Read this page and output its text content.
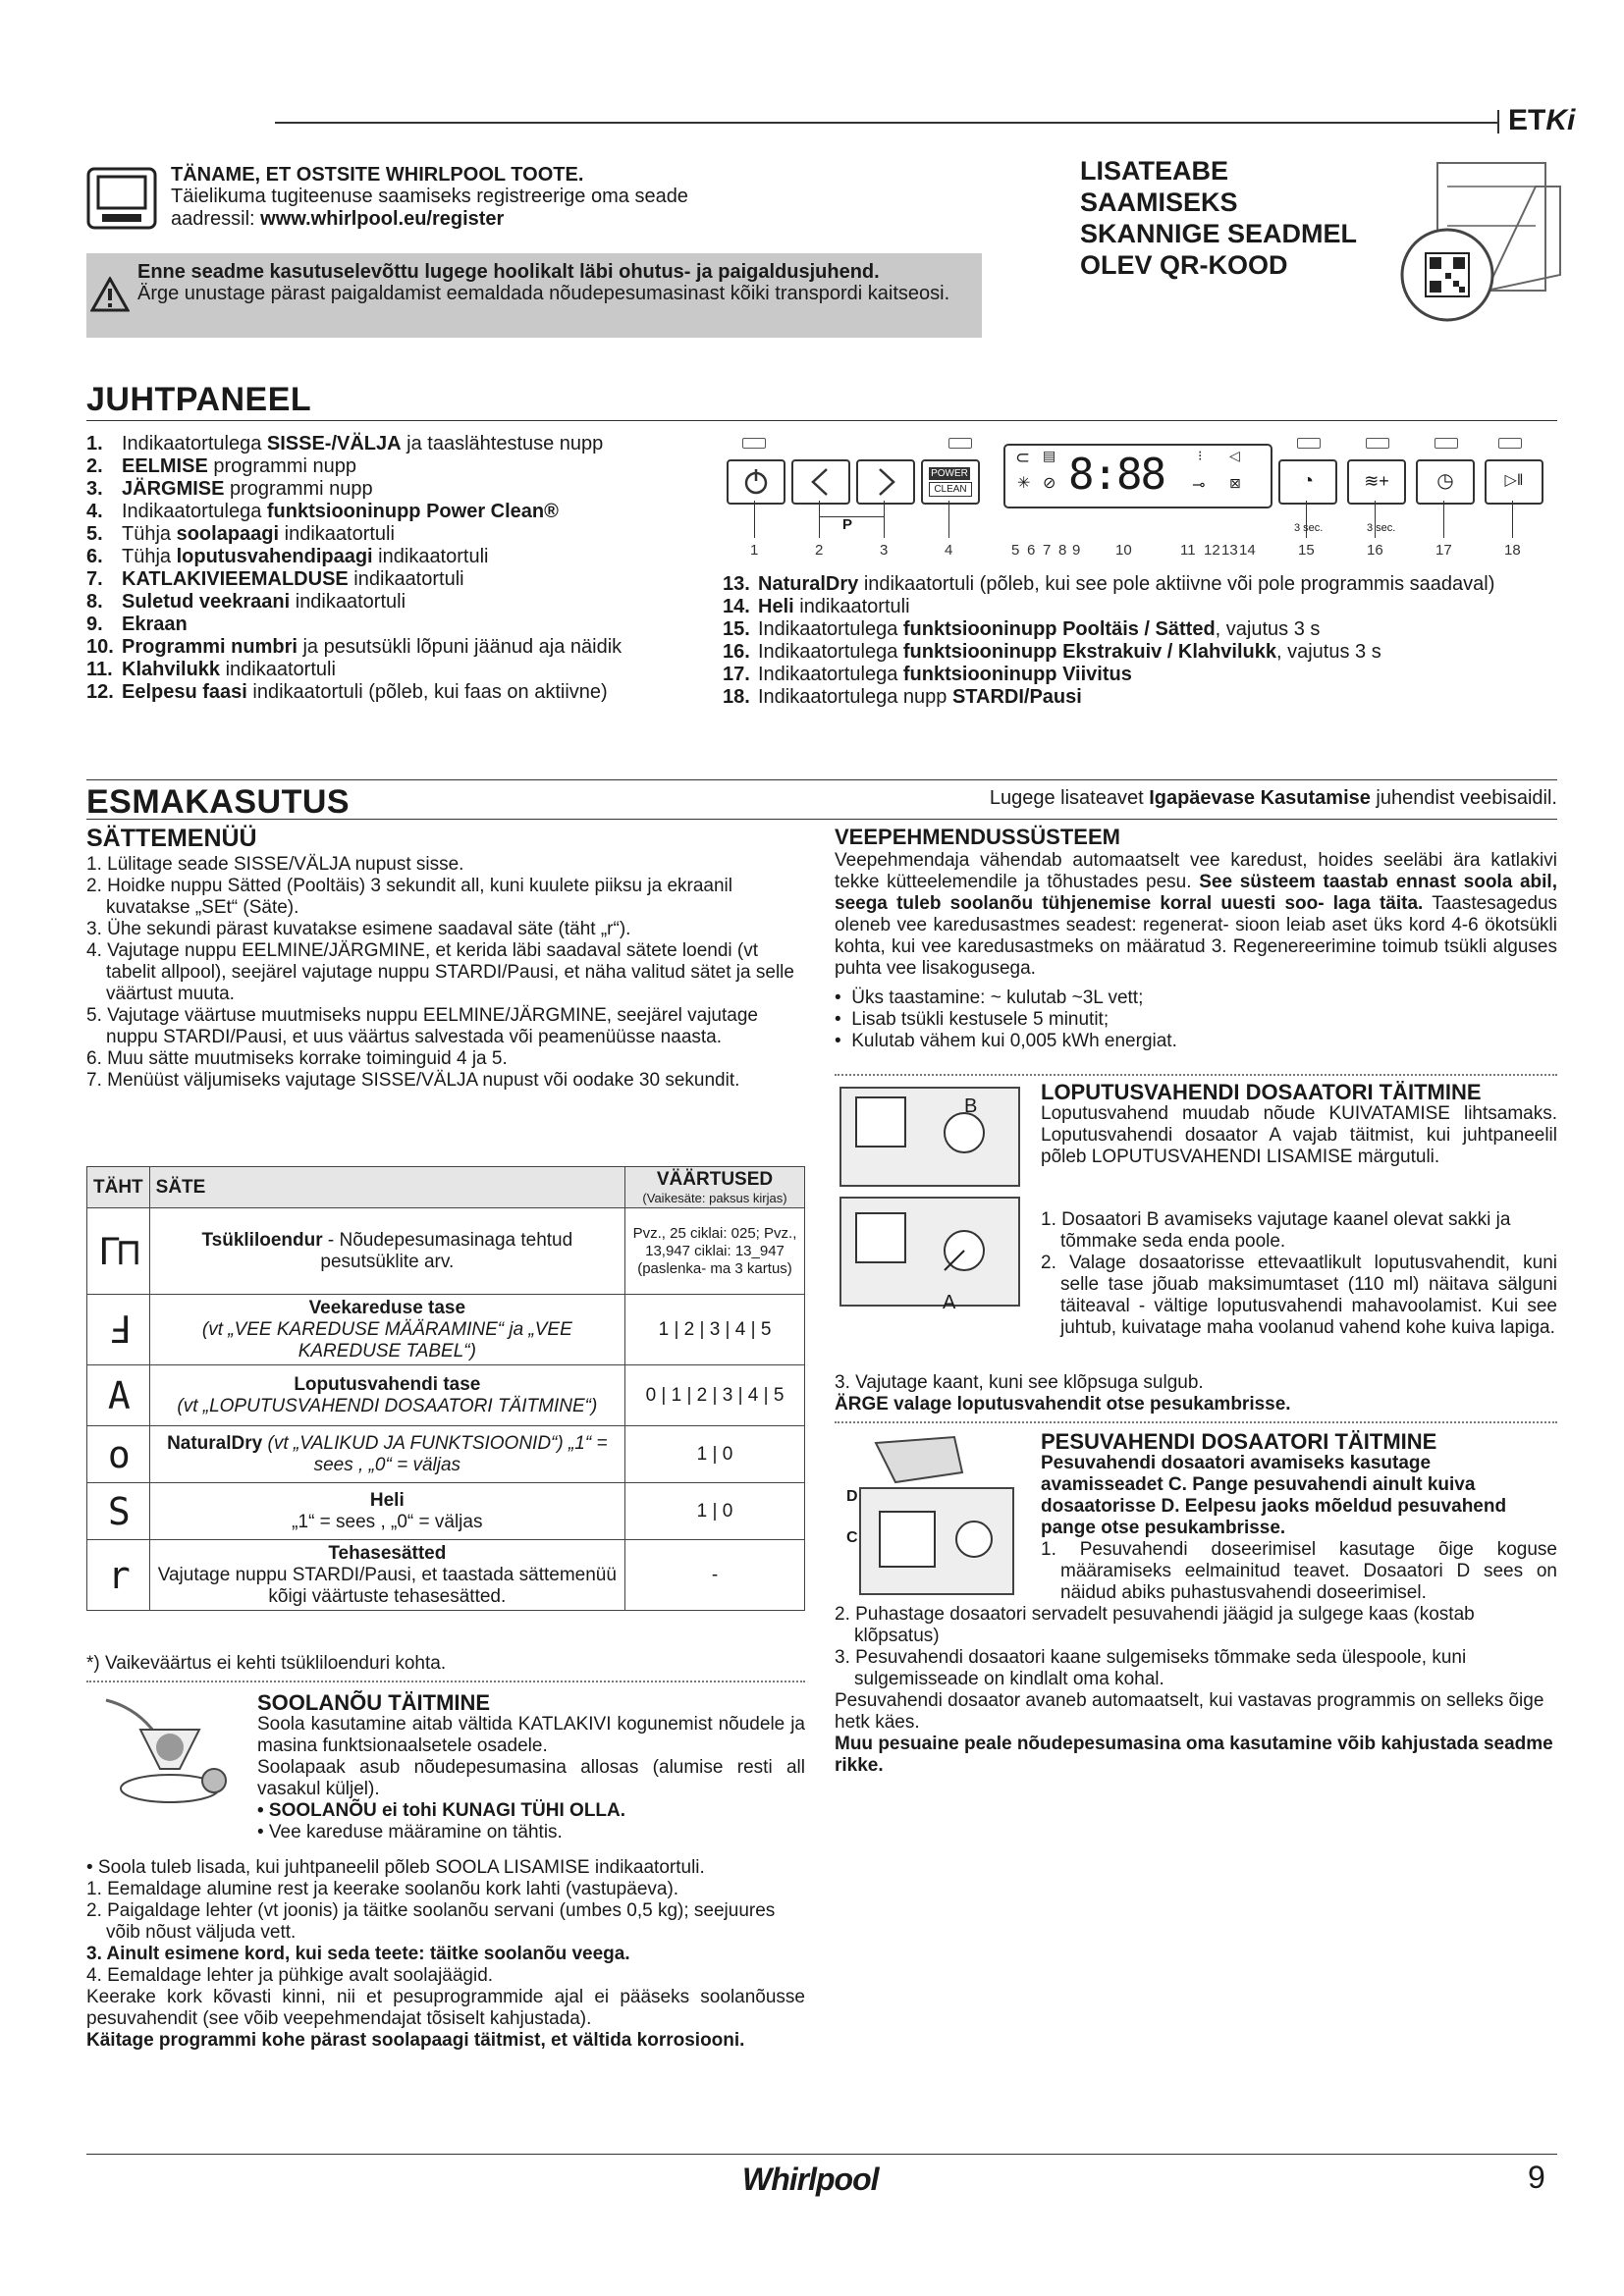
ETKi
TÄNAME, ET OSTSITE WHIRLPOOL TOOTE.
Täielikuma tugiteenuse saamiseks registreerige oma seade
aadressil: www.whirlpool.eu/register
Enne seadme kasutuselevõttu lugege hoolikalt läbi ohutus- ja paigaldusjuhend.
Ärge unustage pärast paigaldamist eemaldada nõudepesumasinast kõiki transpordi kaitseosi.
LISATEABE SAAMISEKS SKANNIGE SEADMEL OLEV QR-KOOD
JUHTPANEEL
1. Indikaatortulega SISSE-/VÄLJA ja taaslähtestuse nupp
2. EELMISE programmi nupp
3. JÄRGMISE programmi nupp
4. Indikaatortulega funktsiooninupp Power Clean®
5. Tühja soolapaagi indikaatortuli
6. Tühja loputusvahendipaagi indikaatortuli
7. KATLAKIVIEEMALDUSE indikaatortuli
8. Suletud veekraani indikaatortuli
9. Ekraan
10. Programmi numbri ja pesutsükli lõpuni jäänud aja näidik
11. Klahvilukk indikaatortuli
12. Eelpesu faasi indikaatortuli (põleb, kui faas on aktiivne)
POWER
CLEAN
⊂
✳
▤
⊘ 8:88 ⁝
⊸
◁
⊠	◔	≋+	◷	▷‖
P	3 sec.	3 sec.
1	2	3	4	5 6 7 8 9 10	11 12 13 14	15	16	17	18
13. NaturalDry indikaatortuli (põleb, kui see pole aktiivne või pole programmis saadaval)
14. Heli indikaatortuli
15. Indikaatortulega funktsiooninupp Pooltäis / Sätted, vajutus 3 s
16. Indikaatortulega funktsiooninupp Ekstrakuiv / Klahvilukk, vajutus 3 s
17. Indikaatortulega funktsiooninupp Viivitus
18. Indikaatortulega nupp STARDI/Pausi
ESMAKASUTUS	Lugege lisateavet Igapäevase Kasutamise juhendist veebisaidil.
SÄTTEMENÜÜ
1. Lülitage seade SISSE/VÄLJA nupust sisse.
2. Hoidke nuppu Sätted (Pooltäis) 3 sekundit all, kuni kuulete piiksu ja ekraanil kuvatakse „SEt“ (Säte).
3. Ühe sekundi pärast kuvatakse esimene saadaval säte (täht „r“).
4. Vajutage nuppu EELMINE/JÄRGMINE, et kerida läbi saadaval sätete loendi (vt tabelit allpool), seejärel vajutage nuppu STARDI/Pausi, et näha valitud sätet ja selle väärtust muuta.
5. Vajutage väärtuse muutmiseks nuppu EELMINE/JÄRGMINE, seejärel vajutage nuppu STARDI/Pausi, et uus väärtus salvestada või peamenüüsse naasta.
6. Muu sätte muutmiseks korrake toiminguid 4 ja 5.
7. Menüüst väljumiseks vajutage SISSE/VÄLJA nupust või oodake 30 sekundit.
TÄHT	SÄTE	VÄÄRTUSED
(Vaikesäte: paksus kirjas)

ᒥ⊓	Tsükliloendur - Nõudepesumasinaga tehtud pesutsüklite arv.	Pvz., 25 ciklai: 025; Pvz., 13,947 ciklai: 13_947 (paslenka- ma 3 kartus)
Ⅎ	Veekareduse tase
(vt „VEE KAREDUSE MÄÄRAMINE“ ja „VEE KAREDUSE TABEL“)	1 | 2 | 3 | 4 | 5
A	Loputusvahendi tase
(vt „LOPUTUSVAHENDI DOSAATORI TÄITMINE“)	0 | 1 | 2 | 3 | 4 | 5
o	NaturalDry (vt „VALIKUD JA FUNKTSIOONID“) „1“ = sees , „0“ = väljas	1 | 0
S	Heli
„1“ = sees , „0“ = väljas	1 | 0
r	Tehasesätted
Vajutage nuppu STARDI/Pausi, et taastada sättemenüü kõigi väärtuste tehasesätted.	-
*) Vaikeväärtus ei kehti tsükliloenduri kohta.
SOOLANÕU TÄITMINE
Soola kasutamine aitab vältida KATLAKIVI kogunemist nõudele ja masina funktsionaalsetele osadele.
Soolapaak asub nõudepesumasina allosas (alumise resti all vasakul küljel).
• SOOLANÕU ei tohi KUNAGI TÜHI OLLA.
• Vee kareduse määramine on tähtis.
• Soola tuleb lisada, kui juhtpaneelil põleb SOOLA LISAMISE indikaatortuli.
1. Eemaldage alumine rest ja keerake soolanõu kork lahti (vastupäeva).
2. Paigaldage lehter (vt joonis) ja täitke soolanõu servani (umbes 0,5 kg); seejuures võib nõust väljuda vett.
3. Ainult esimene kord, kui seda teete: täitke soolanõu veega.
4. Eemaldage lehter ja pühkige avalt soolajäägid.
Keerake kork kõvasti kinni, nii et pesuprogrammide ajal ei pääseks soolanõusse pesuvahendit (see võib veepehmendajat tõsiselt kahjustada).
Käitage programmi kohe pärast soolapaagi täitmist, et vältida korrosiooni.
VEEPEHMENDUSSÜSTEEM
Veepehmendaja vähendab automaatselt vee karedust, hoides seeläbi ära katlakivi tekke kütteelemendile ja tõhustades pesu. See süsteem taastab ennast soola abil, seega tuleb soolanõu tühjenemise korral uuesti soo- laga täita. Taastesagedus oleneb vee karedusastmes seadest: regenerat- sioon leiab aset üks kord 4-6 ökotsükli kohta, kui vee karedusastmeks on määratud 3. Regenereerimine toimub tsükli alguses puhta vee lisakogusega.
•  Üks taastamine: ~ kulutab ~3L vett;
•  Lisab tsükli kestusele 5 minutit;
•  Kulutab vähem kui 0,005 kWh energiat.
B
A
LOPUTUSVAHENDI DOSAATORI TÄITMINE
Loputusvahend muudab nõude KUIVATAMISE lihtsamaks. Loputusvahendi dosaator A vajab täitmist, kui juhtpaneelil põleb LOPUTUSVAHENDI LISAMISE märgutuli.
1. Dosaatori B avamiseks vajutage kaanel olevat sakki ja tõmmake seda enda poole.
2. Valage dosaatorisse ettevaatlikult loputusvahendit, kuni selle tase jõuab maksimumtaset (110 ml) näitava sälguni täiteaval - vältige loputusvahendi mahavoolamist. Kui see juhtub, kuivatage maha voolanud vahend kohe kuiva lapiga.
3. Vajutage kaant, kuni see klõpsuga sulgub.
ÄRGE valage loputusvahendit otse pesukambrisse.
D
C
PESUVAHENDI DOSAATORI TÄITMINE
Pesuvahendi dosaatori avamiseks kasutage avamisseadet C. Pange pesuvahendi ainult kuiva dosaatorisse D. Eelpesu jaoks mõeldud pesuvahend pange otse pesukambrisse.
1. Pesuvahendi doseerimisel kasutage õige koguse määramiseks eelmainitud teavet. Dosaatori D sees on näidud abiks puhastusvahendi doseerimisel.
2. Puhastage dosaatori servadelt pesuvahendi jäägid ja sulgege kaas (kostab klõpsatus)
3. Pesuvahendi dosaatori kaane sulgemiseks tõmmake seda ülespoole, kuni sulgemisseade on kindlalt oma kohal.
Pesuvahendi dosaator avaneb automaatselt, kui vastavas programmis on selleks õige hetk käes.
Muu pesuaine peale nõudepesumasina oma kasutamine võib kahjustada seadme rikke.
Whirlpool	9
